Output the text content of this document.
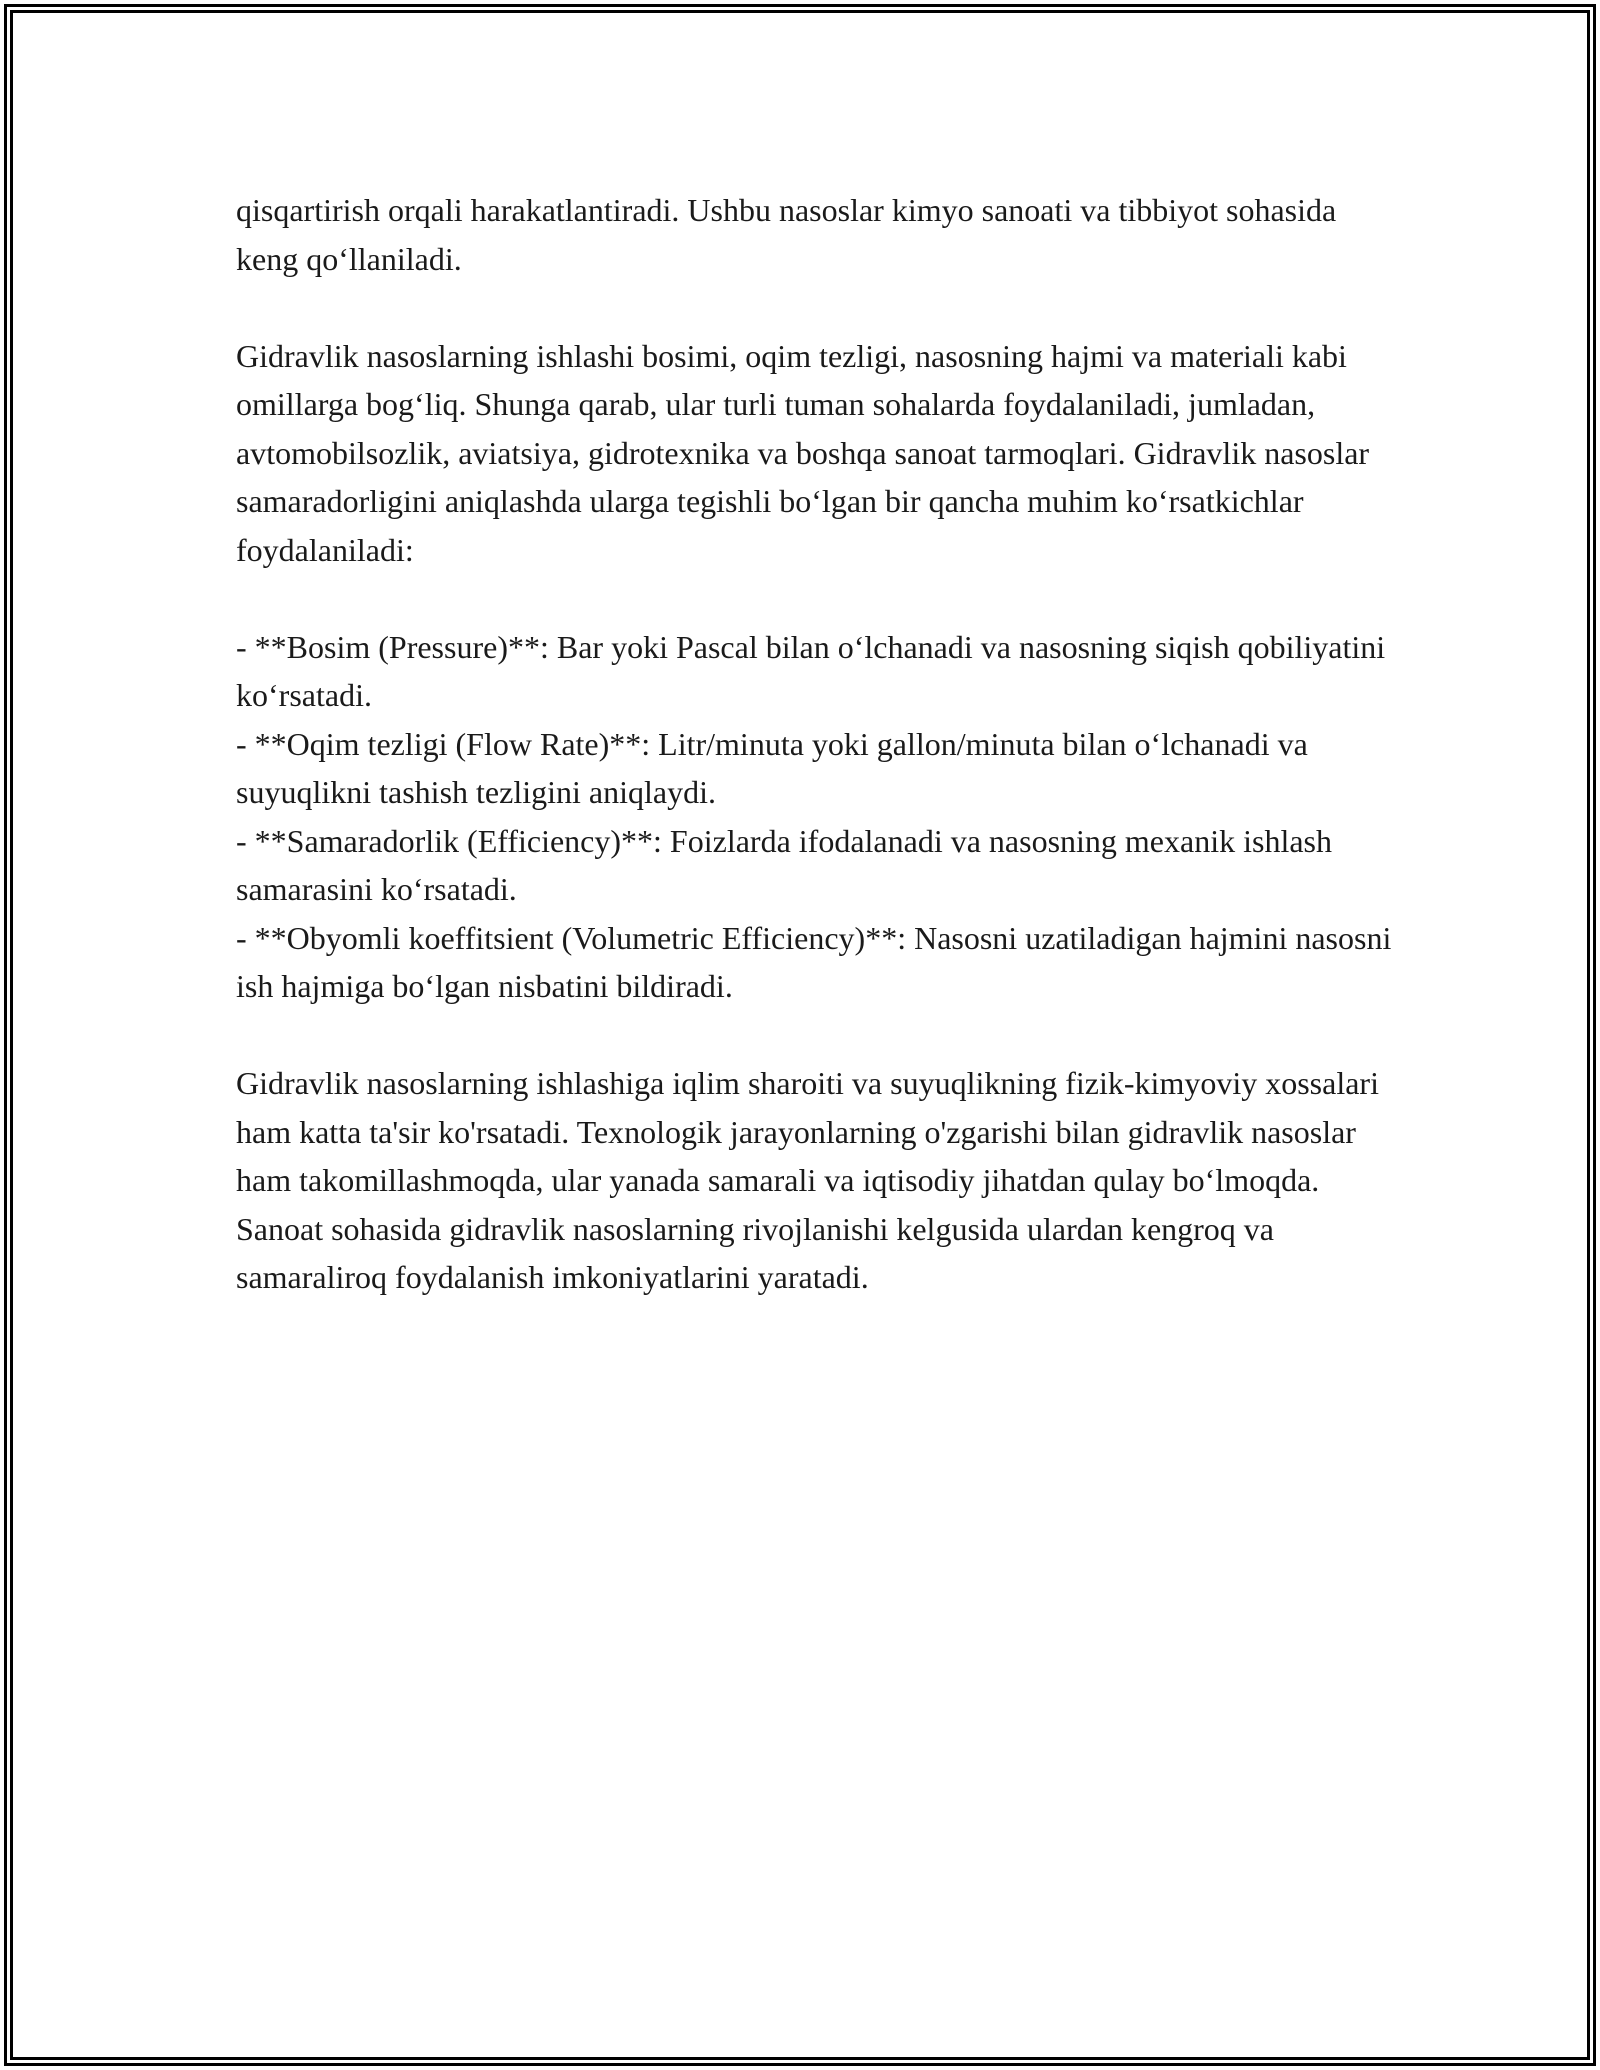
qisqartirish orqali harakatlantiradi. Ushbu nasoslar kimyo sanoati va tibbiyot sohasida keng qo‘llaniladi.

Gidravlik nasoslarning ishlashi bosimi, oqim tezligi, nasosning hajmi va materiali kabi omillarga bog‘liq. Shunga qarab, ular turli tuman sohalarda foydalaniladi, jumladan, avtomobilsozlik, aviatsiya, gidrotexnika va boshqa sanoat tarmoqlari. Gidravlik nasoslar samaradorligini aniqlashda ularga tegishli bo‘lgan bir qancha muhim ko‘rsatkichlar foydalaniladi:

- **Bosim (Pressure)**: Bar yoki Pascal bilan o‘lchanadi va nasosning siqish qobiliyatini ko‘rsatadi.

- **Oqim tezligi (Flow Rate)**: Litr/minuta yoki gallon/minuta bilan o‘lchanadi va suyuqlikni tashish tezligini aniqlaydi.

- **Samaradorlik (Efficiency)**: Foizlarda ifodalanadi va nasosning mexanik ishlash samarasini ko‘rsatadi.

- **Obyomli koeffitsient (Volumetric Efficiency)**: Nasosni uzatiladigan hajmini nasosni ish hajmiga bo‘lgan nisbatini bildiradi.

Gidravlik nasoslarning ishlashiga iqlim sharoiti va suyuqlikning fizik-kimyoviy xossalari ham katta ta'sir ko'rsatadi. Texnologik jarayonlarning o'zgarishi bilan gidravlik nasoslar ham takomillashmoqda, ular yanada samarali va iqtisodiy jihatdan qulay bo‘lmoqda. Sanoat sohasida gidravlik nasoslarning rivojlanishi kelgusida ulardan kengroq va samaraliroq foydalanish imkoniyatlarini yaratadi.
